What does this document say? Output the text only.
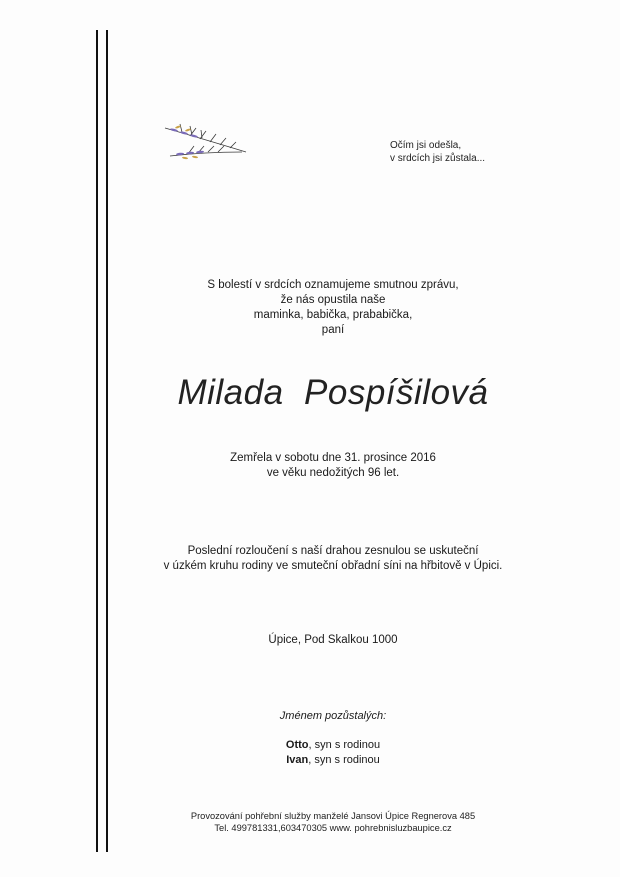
Očím jsi odešla,
v srdcích jsi zůstala...
S bolestí v srdcích oznamujeme smutnou zprávu,
že nás opustila naše
maminka, babička, prababička,
paní
Milada  Pospíšilová
Zemřela v sobotu dne 31. prosince 2016
ve věku nedožitých 96 let.
Poslední rozloučení s naší drahou zesnulou se uskuteční
v úzkém kruhu rodiny ve smuteční obřadní síni na hřbitově v Úpici.
Úpice, Pod Skalkou 1000
Jménem pozůstalých:
Otto, syn s rodinou
Ivan, syn s rodinou
Provozování pohřební služby manželé Jansovi Úpice Regnerova 485
Tel. 499781331,603470305 www. pohrebnisluzbaupice.cz
